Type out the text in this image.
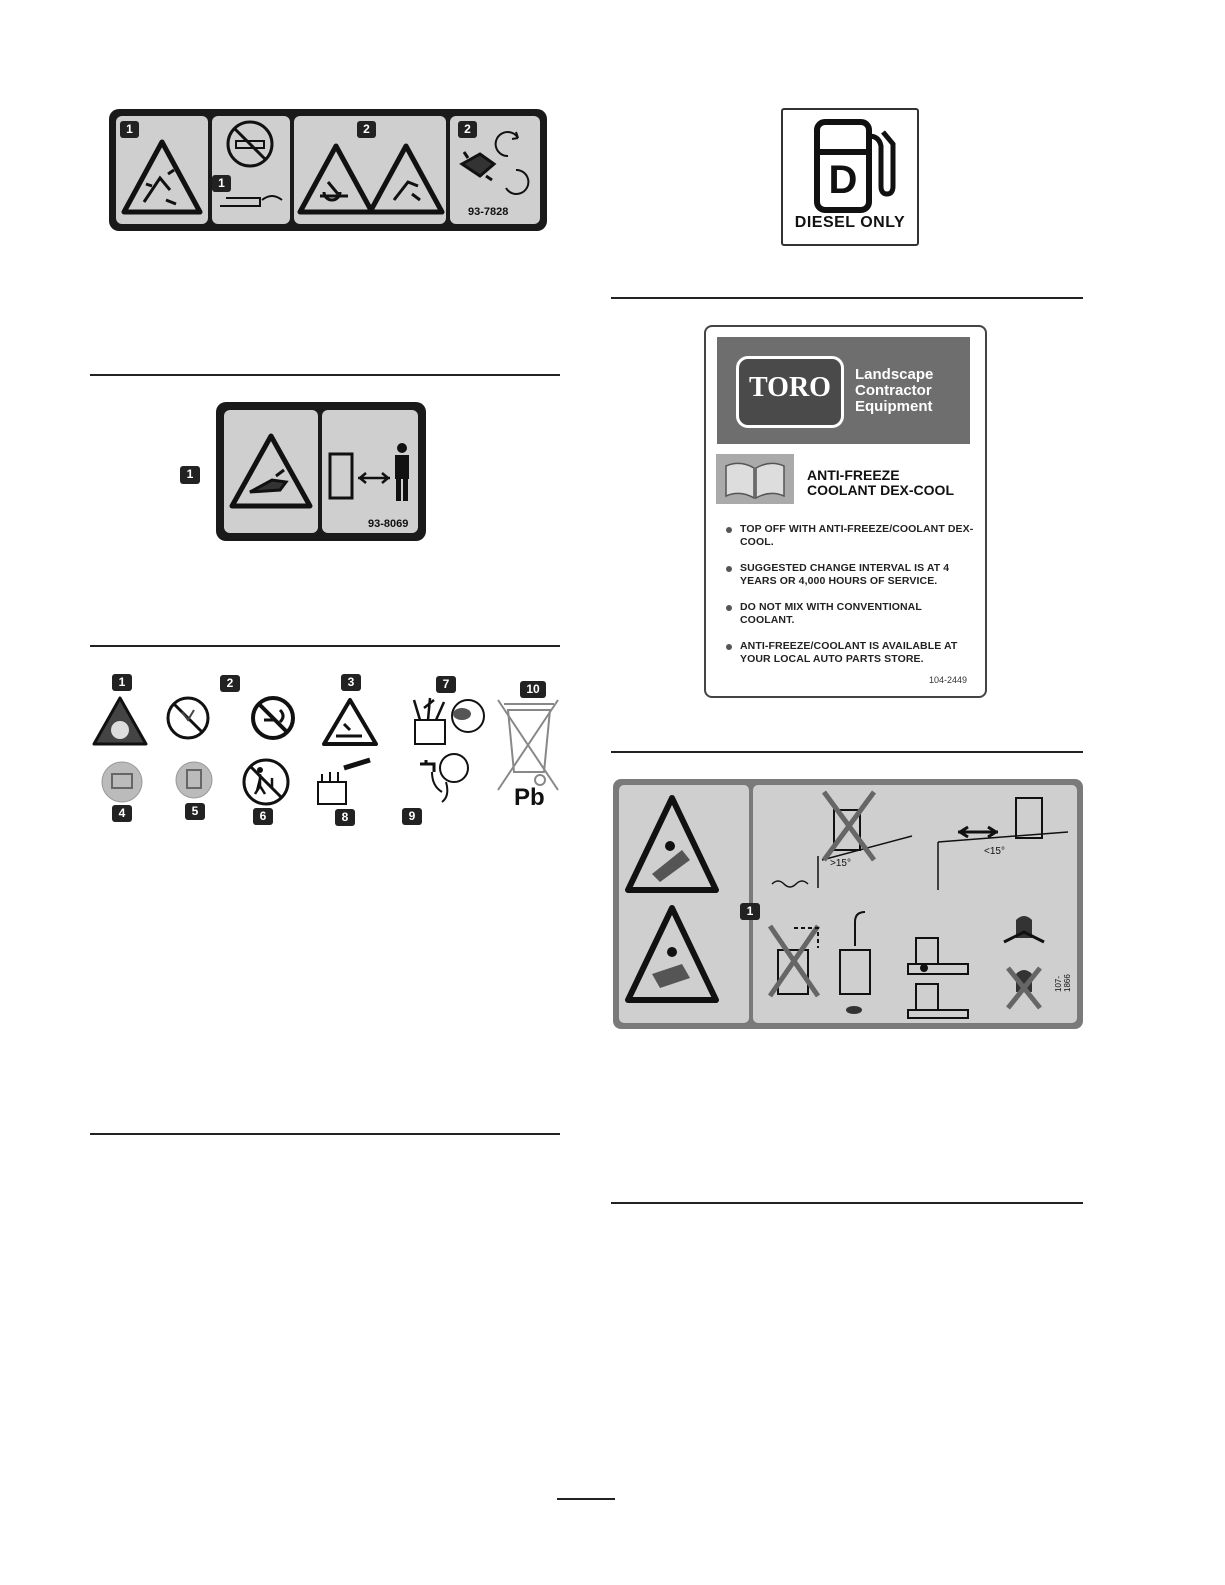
1
1
2	2
93-7828
1
93-8069
1	2	3	7	10
4	5	6	8	9
Pb
D
DIESEL ONLY
TORO	Landscape
Contractor
Equipment
ANTI-FREEZE
COOLANT DEX-COOL
TOP OFF WITH ANTI-FREEZE/COOLANT DEX-COOL.
SUGGESTED CHANGE INTERVAL IS AT 4 YEARS OR 4,000 HOURS OF SERVICE.
DO NOT MIX WITH CONVENTIONAL COOLANT.
ANTI-FREEZE/COOLANT IS AVAILABLE AT YOUR LOCAL AUTO PARTS STORE.
104-2449
1
>15°
<15°
107-1866
